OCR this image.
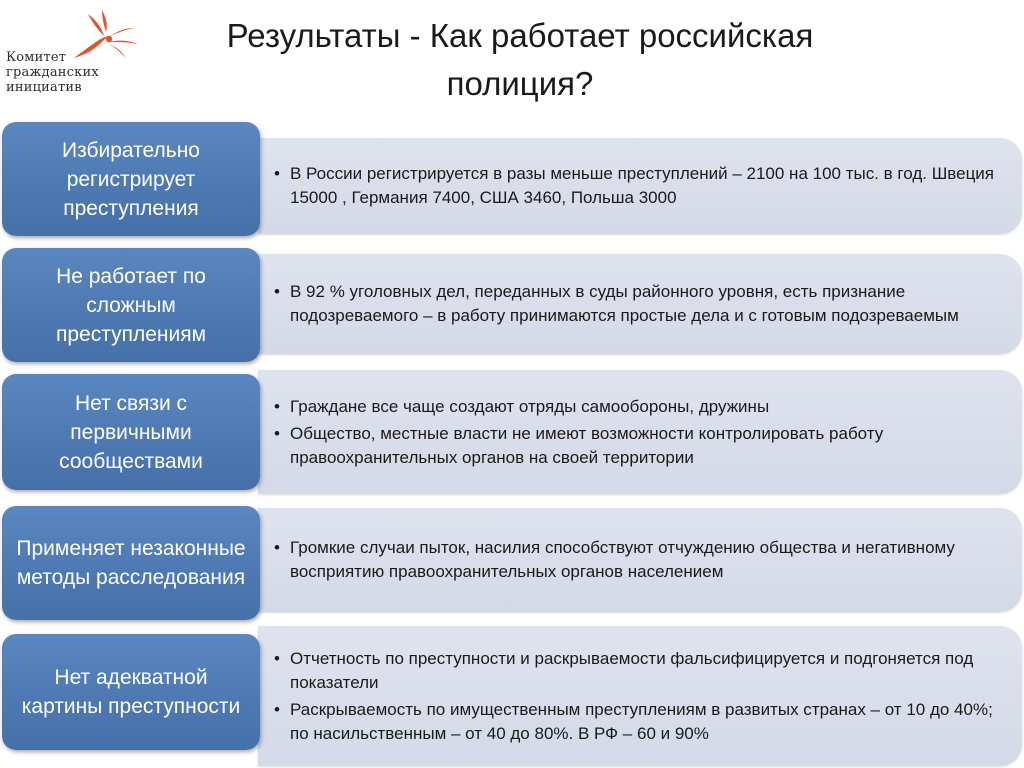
Комитет
гражданских
инициатив
Результаты - Как работает российская
полиция?
Избирательно регистрирует преступления
• В России регистрируется в разы меньше преступлений – 2100 на 100 тыс. в год. Швеция 15000 , Германия 7400, США 3460, Польша 3000
Не работает по сложным преступлениям
• В 92 % уголовных дел, переданных в суды районного уровня, есть признание подозреваемого – в работу принимаются простые дела и с готовым подозреваемым
Нет связи с первичными сообществами
• Граждане все чаще создают отряды самообороны, дружины
• Общество, местные власти не имеют возможности контролировать работу правоохранительных органов на своей территории
Применяет незаконные методы расследования
• Громкие случаи пыток, насилия способствуют отчуждению общества и негативному восприятию правоохранительных органов населением
Нет адекватной картины преступности
• Отчетность по преступности и раскрываемости фальсифицируется и подгоняется под показатели
• Раскрываемость по имущественным преступлениям в развитых странах – от 10 до 40%; по насильственным – от 40 до 80%. В РФ – 60 и 90%
